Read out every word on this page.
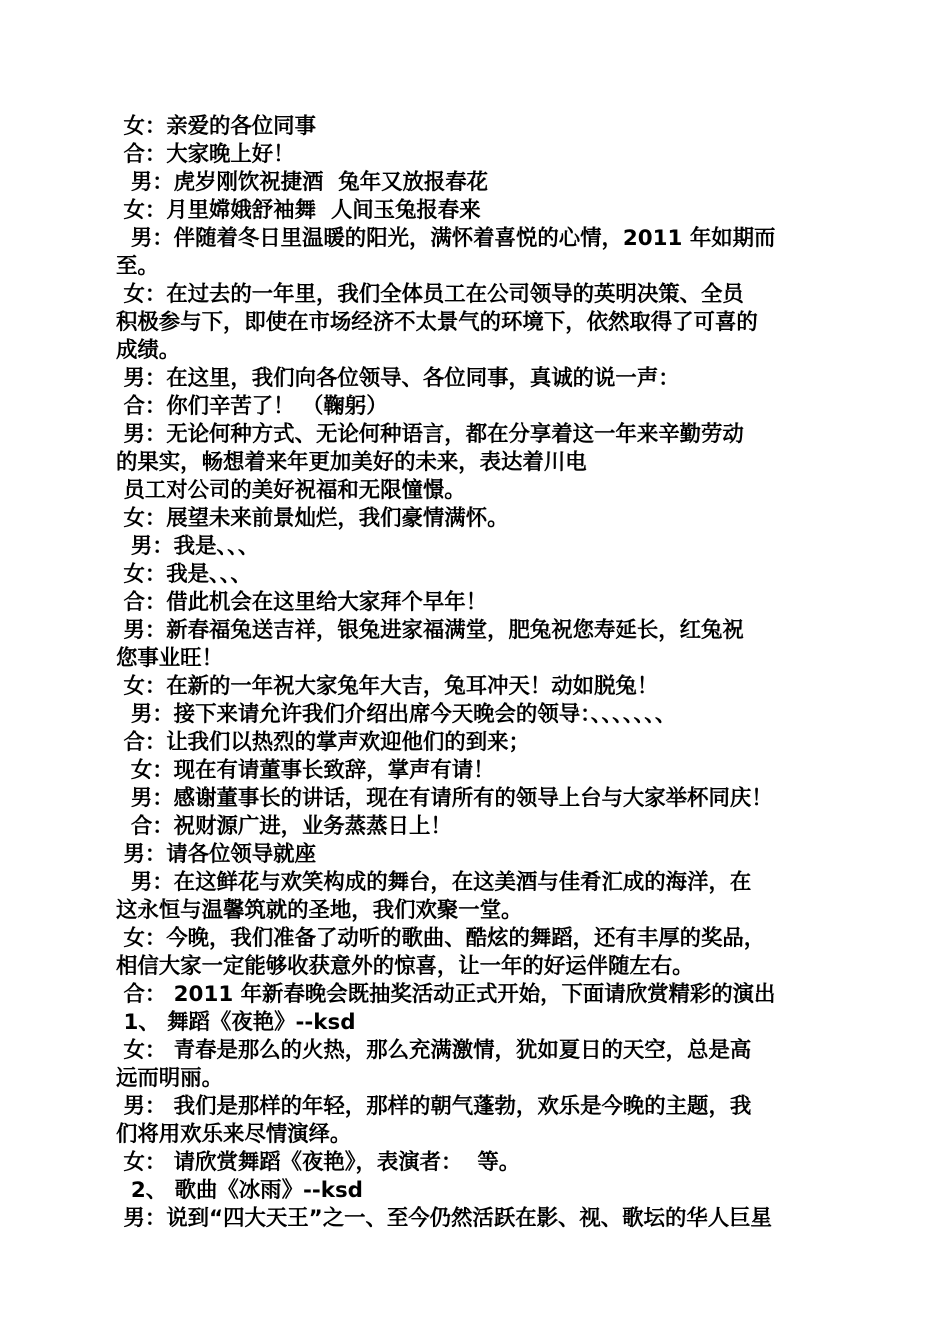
女：亲爱的各位同事
合：大家晚上好！
男：虎岁刚饮祝捷酒  兔年又放报春花
女：月里嫦娥舒袖舞  人间玉兔报春来
男：伴随着冬日里温暖的阳光，满怀着喜悦的心情，2011 年如期而
至。
女：在过去的一年里，我们全体员工在公司领导的英明决策、全员
积极参与下，即使在市场经济不太景气的环境下，依然取得了可喜的
成绩。
男：在这里，我们向各位领导、各位同事，真诚的说一声：
合：你们辛苦了！ （鞠躬）
男：无论何种方式、无论何种语言，都在分享着这一年来辛勤劳动
的果实，畅想着来年更加美好的未来，表达着川电
员工对公司的美好祝福和无限憧憬。
女：展望未来前景灿烂，我们豪情满怀。
男：我是、、、
女：我是、、、
合：借此机会在这里给大家拜个早年！
男：新春福兔送吉祥，银兔进家福满堂，肥兔祝您寿延长，红兔祝
您事业旺！
女：在新的一年祝大家兔年大吉，兔耳冲天！动如脱兔！
男：接下来请允许我们介绍出席今天晚会的领导：、、、、、、、
合：让我们以热烈的掌声欢迎他们的到来；
女：现在有请董事长致辞，掌声有请！
男：感谢董事长的讲话，现在有请所有的领导上台与大家举杯同庆！
合：祝财源广进，业务蒸蒸日上！
男：请各位领导就座
男：在这鲜花与欢笑构成的舞台，在这美酒与佳肴汇成的海洋，在
这永恒与温馨筑就的圣地，我们欢聚一堂。
女：今晚，我们准备了动听的歌曲、酷炫的舞蹈，还有丰厚的奖品，
相信大家一定能够收获意外的惊喜，让一年的好运伴随左右。
合： 2011 年新春晚会既抽奖活动正式开始，下面请欣赏精彩的演出
1、 舞蹈《夜艳》--ksd
女： 青春是那么的火热，那么充满激情，犹如夏日的天空，总是高
远而明丽。
男： 我们是那样的年轻，那样的朝气蓬勃，欢乐是今晚的主题，我
们将用欢乐来尽情演绎。
女： 请欣赏舞蹈《夜艳》，表演者：  等。
2、 歌曲《冰雨》--ksd
男：说到“四大天王”之一、至今仍然活跃在影、视、歌坛的华人巨星
